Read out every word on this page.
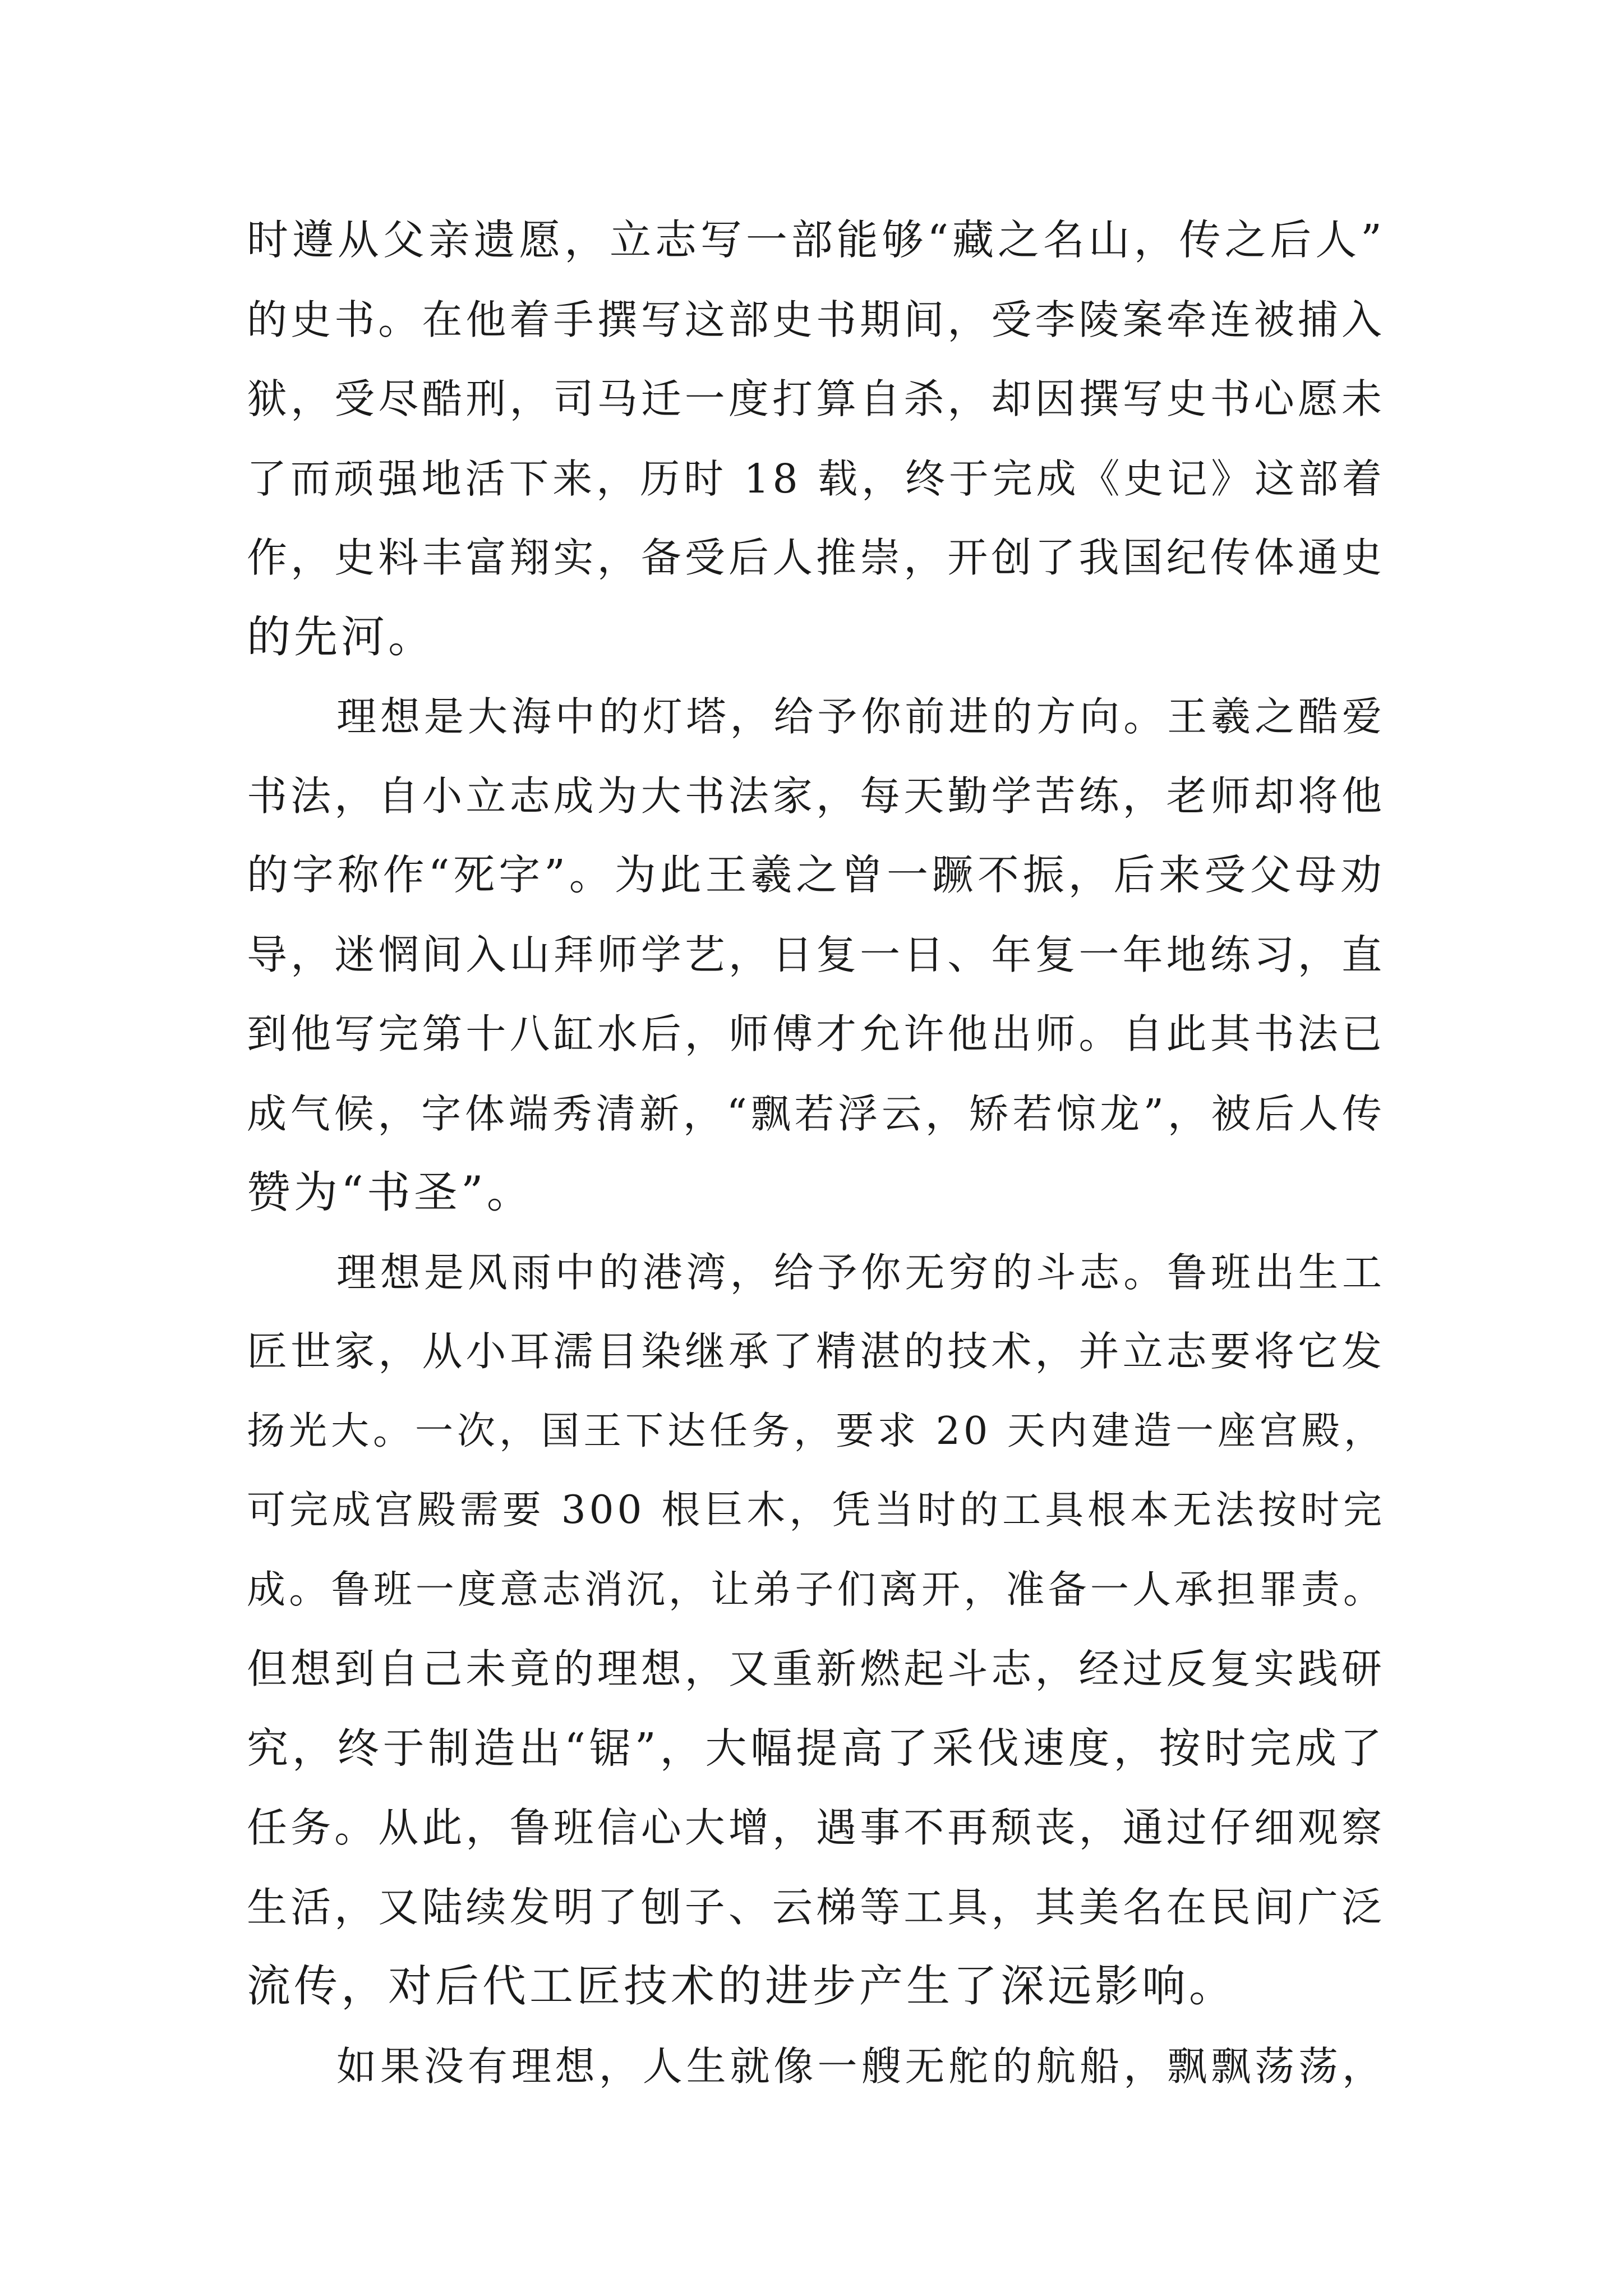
时遵从父亲遗愿，立志写一部能够“藏之名山，传之后人”
的史书。在他着手撰写这部史书期间，受李陵案牵连被捕入
狱，受尽酷刑，司马迁一度打算自杀，却因撰写史书心愿未
了而顽强地活下来，历时 18 载，终于完成《史记》这部着
作，史料丰富翔实，备受后人推崇，开创了我国纪传体通史
的先河。
理想是大海中的灯塔，给予你前进的方向。王羲之酷爱
书法，自小立志成为大书法家，每天勤学苦练，老师却将他
的字称作“死字”。为此王羲之曾一蹶不振，后来受父母劝
导，迷惘间入山拜师学艺，日复一日、年复一年地练习，直
到他写完第十八缸水后，师傅才允许他出师。自此其书法已
成气候，字体端秀清新，“飘若浮云，矫若惊龙”，被后人传
赞为“书圣”。
理想是风雨中的港湾，给予你无穷的斗志。鲁班出生工
匠世家，从小耳濡目染继承了精湛的技术，并立志要将它发
扬光大。一次，国王下达任务，要求 20 天内建造一座宫殿，
可完成宫殿需要 300 根巨木，凭当时的工具根本无法按时完
成。鲁班一度意志消沉，让弟子们离开，准备一人承担罪责。
但想到自己未竟的理想，又重新燃起斗志，经过反复实践研
究，终于制造出“锯”，大幅提高了采伐速度，按时完成了
任务。从此，鲁班信心大增，遇事不再颓丧，通过仔细观察
生活，又陆续发明了刨子、云梯等工具，其美名在民间广泛
流传，对后代工匠技术的进步产生了深远影响。
如果没有理想，人生就像一艘无舵的航船，飘飘荡荡，
